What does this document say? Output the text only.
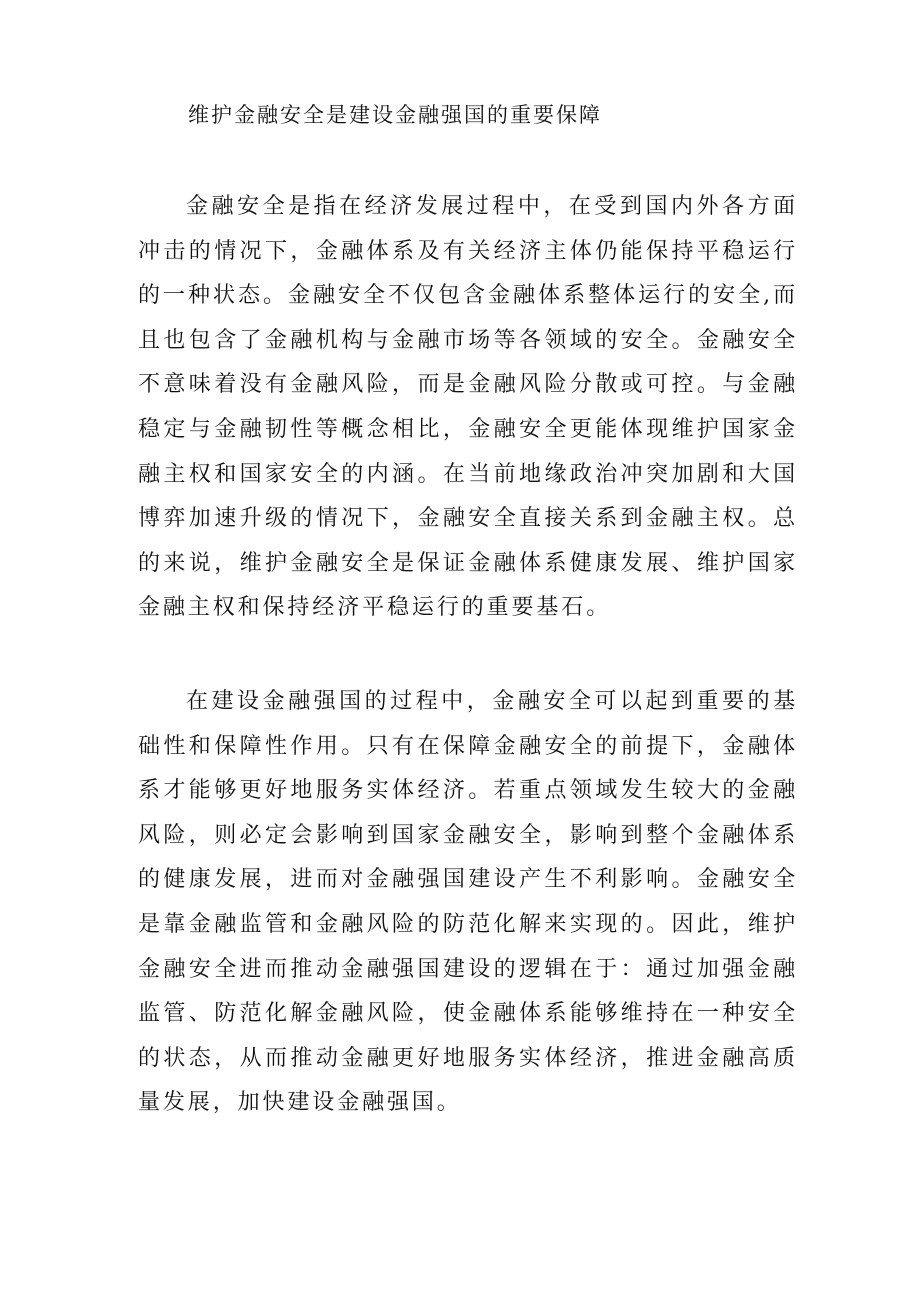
维护金融安全是建设金融强国的重要保障

金融安全是指在经济发展过程中，在受到国内外各方面冲击的情况下，金融体系及有关经济主体仍能保持平稳运行的一种状态。金融安全不仅包含金融体系整体运行的安全,而且也包含了金融机构与金融市场等各领域的安全。金融安全不意味着没有金融风险，而是金融风险分散或可控。与金融稳定与金融韧性等概念相比，金融安全更能体现维护国家金融主权和国家安全的内涵。在当前地缘政治冲突加剧和大国博弈加速升级的情况下，金融安全直接关系到金融主权。总的来说，维护金融安全是保证金融体系健康发展、维护国家金融主权和保持经济平稳运行的重要基石。

在建设金融强国的过程中，金融安全可以起到重要的基础性和保障性作用。只有在保障金融安全的前提下，金融体系才能够更好地服务实体经济。若重点领域发生较大的金融风险，则必定会影响到国家金融安全，影响到整个金融体系的健康发展，进而对金融强国建设产生不利影响。金融安全是靠金融监管和金融风险的防范化解来实现的。因此，维护金融安全进而推动金融强国建设的逻辑在于：通过加强金融监管、防范化解金融风险，使金融体系能够维持在一种安全的状态，从而推动金融更好地服务实体经济，推进金融高质量发展，加快建设金融强国。
